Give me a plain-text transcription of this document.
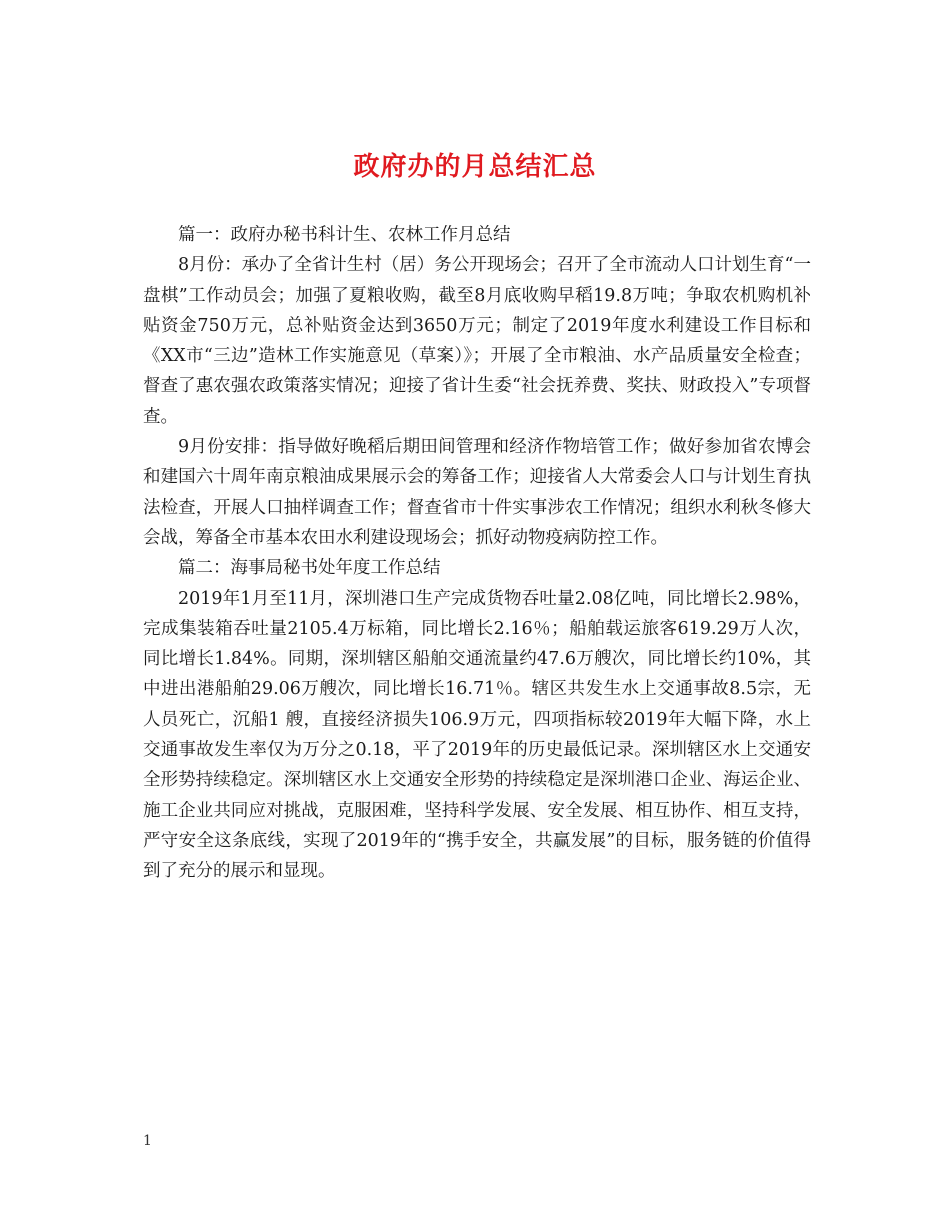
政府办的月总结汇总

篇一：政府办秘书科计生、农林工作月总结

8月份：承办了全省计生村（居）务公开现场会；召开了全市流动人口计划生育“一盘棋”工作动员会；加强了夏粮收购，截至8月底收购早稻19.8万吨；争取农机购机补贴资金750万元，总补贴资金达到3650万元；制定了2019年度水利建设工作目标和《XX市“三边”造林工作实施意见（草案）》；开展了全市粮油、水产品质量安全检查；督查了惠农强农政策落实情况；迎接了省计生委“社会抚养费、奖扶、财政投入”专项督查。

9月份安排：指导做好晚稻后期田间管理和经济作物培管工作；做好参加省农博会和建国六十周年南京粮油成果展示会的筹备工作；迎接省人大常委会人口与计划生育执法检查，开展人口抽样调查工作；督查省市十件实事涉农工作情况；组织水利秋冬修大会战，筹备全市基本农田水利建设现场会；抓好动物疫病防控工作。

篇二：海事局秘书处年度工作总结

2019年1月至11月，深圳港口生产完成货物吞吐量2.08亿吨，同比增长2.98%，完成集装箱吞吐量2105.4万标箱，同比增长2.16％；船舶载运旅客619.29万人次，同比增长1.84%。同期，深圳辖区船舶交通流量约47.6万艘次，同比增长约10%，其中进出港船舶29.06万艘次，同比增长16.71％。辖区共发生水上交通事故8.5宗，无人员死亡，沉船1 艘，直接经济损失106.9万元，四项指标较2019年大幅下降，水上交通事故发生率仅为万分之0.18，平了2019年的历史最低记录。深圳辖区水上交通安全形势持续稳定。深圳辖区水上交通安全形势的持续稳定是深圳港口企业、海运企业、施工企业共同应对挑战，克服困难，坚持科学发展、安全发展、相互协作、相互支持，严守安全这条底线，实现了2019年的“携手安全，共赢发展”的目标，服务链的价值得到了充分的展示和显现。

1
